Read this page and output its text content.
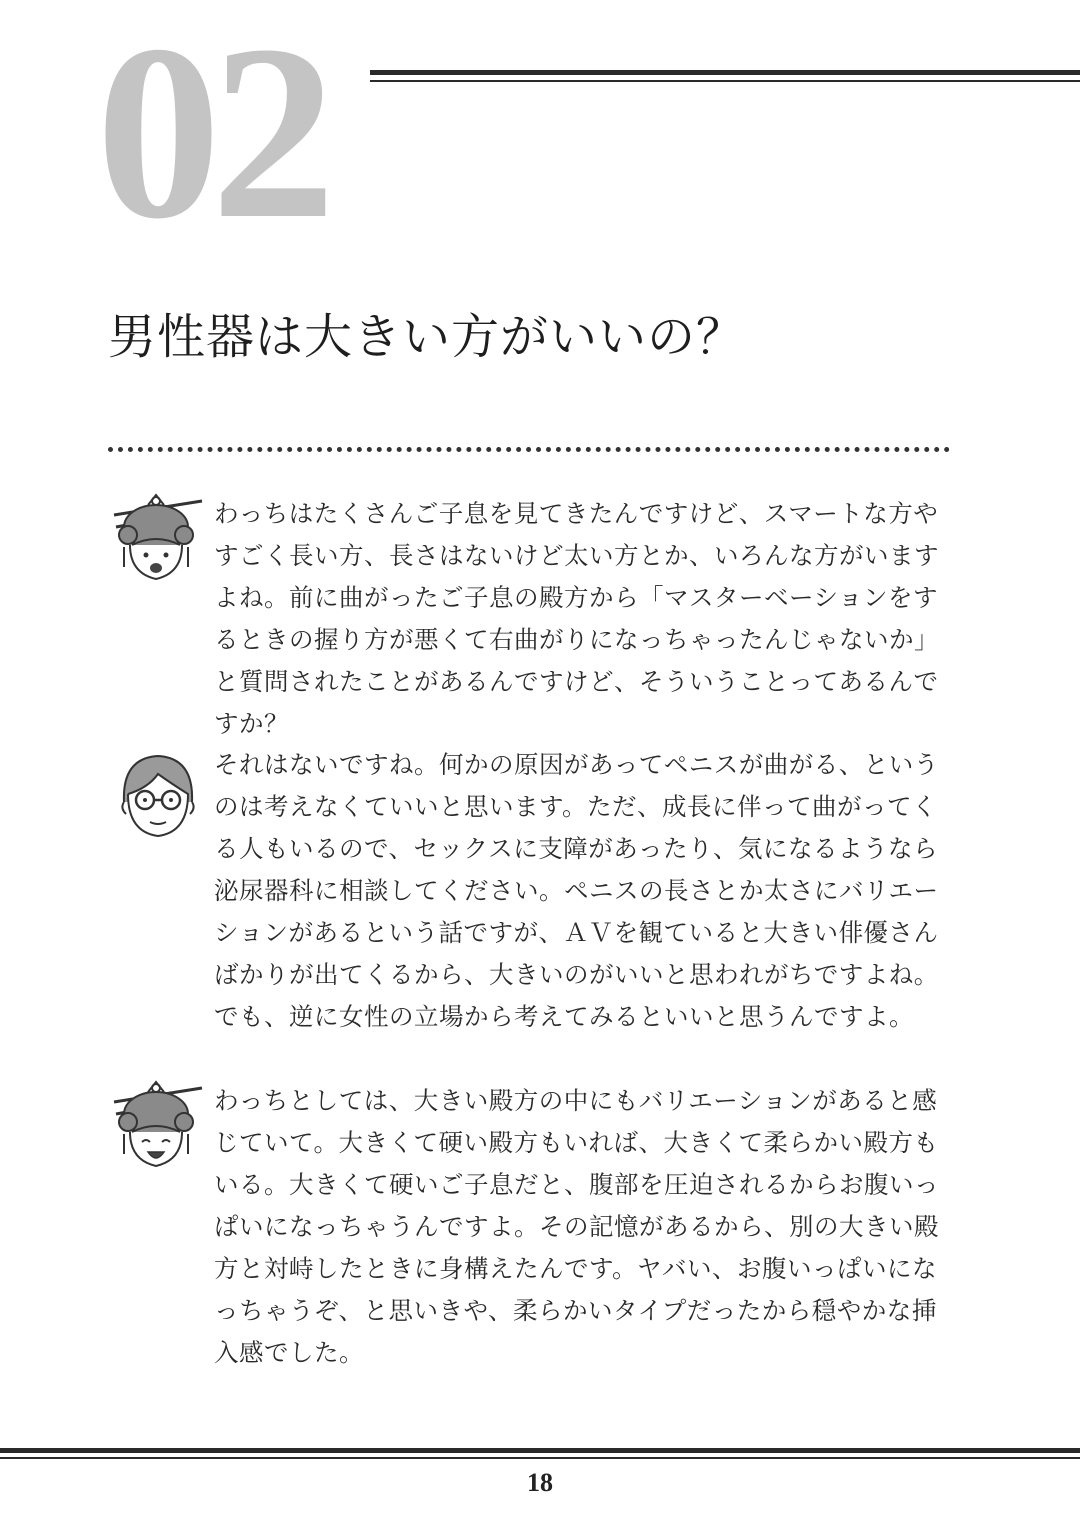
02
男性器は大きい方がいいの？

わっちはたくさんご子息を見てきたんですけど、スマートな方やすごく長い方、長さはないけど太い方とか、いろんな方がいますよね。前に曲がったご子息の殿方から「マスターベーションをするときの握り方が悪くて右曲がりになっちゃったんじゃないか」と質問されたことがあるんですけど、そういうことってあるんですか？

それはないですね。何かの原因があってペニスが曲がる、というのは考えなくていいと思います。ただ、成長に伴って曲がってくる人もいるので、セックスに支障があったり、気になるようなら泌尿器科に相談してください。ペニスの長さとか太さにバリエーションがあるという話ですが、ＡＶを観ていると大きい俳優さんばかりが出てくるから、大きいのがいいと思われがちですよね。でも、逆に女性の立場から考えてみるといいと思うんですよ。

わっちとしては、大きい殿方の中にもバリエーションがあると感じていて。大きくて硬い殿方もいれば、大きくて柔らかい殿方もいる。大きくて硬いご子息だと、腹部を圧迫されるからお腹いっぱいになっちゃうんですよ。その記憶があるから、別の大きい殿方と対峙したときに身構えたんです。ヤバい、お腹いっぱいになっちゃうぞ、と思いきや、柔らかいタイプだったから穏やかな挿入感でした。

18
